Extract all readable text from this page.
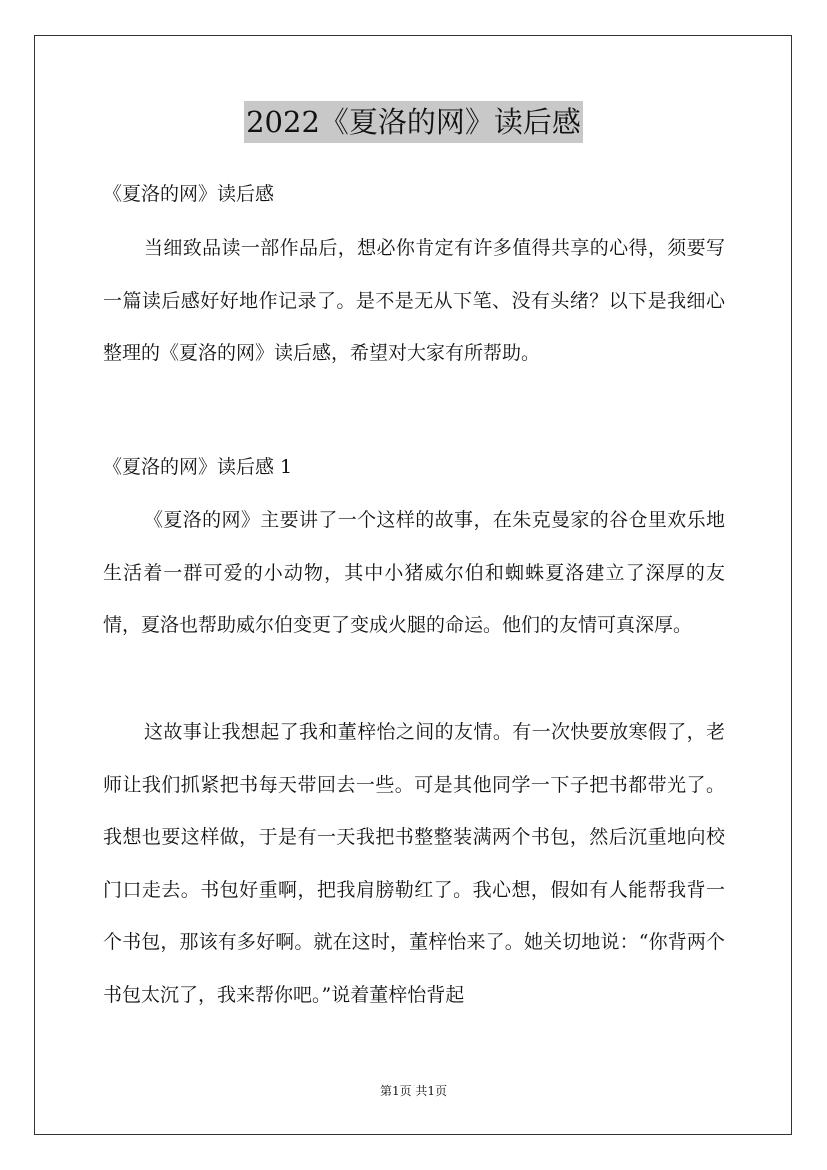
2022《夏洛的网》读后感
《夏洛的网》读后感

当细致品读一部作品后，想必你肯定有许多值得共享的心得，须要写一篇读后感好好地作记录了。是不是无从下笔、没有头绪？以下是我细心整理的《夏洛的网》读后感，希望对大家有所帮助。

《夏洛的网》读后感 1

《夏洛的网》主要讲了一个这样的故事，在朱克曼家的谷仓里欢乐地生活着一群可爱的小动物，其中小猪威尔伯和蜘蛛夏洛建立了深厚的友情，夏洛也帮助威尔伯变更了变成火腿的命运。他们的友情可真深厚。

这故事让我想起了我和董梓怡之间的友情。有一次快要放寒假了，老师让我们抓紧把书每天带回去一些。可是其他同学一下子把书都带光了。我想也要这样做，于是有一天我把书整整装满两个书包，然后沉重地向校门口走去。书包好重啊，把我肩膀勒红了。我心想，假如有人能帮我背一个书包，那该有多好啊。就在这时，董梓怡来了。她关切地说：“你背两个书包太沉了，我来帮你吧。”说着董梓怡背起

第1页 共1页
